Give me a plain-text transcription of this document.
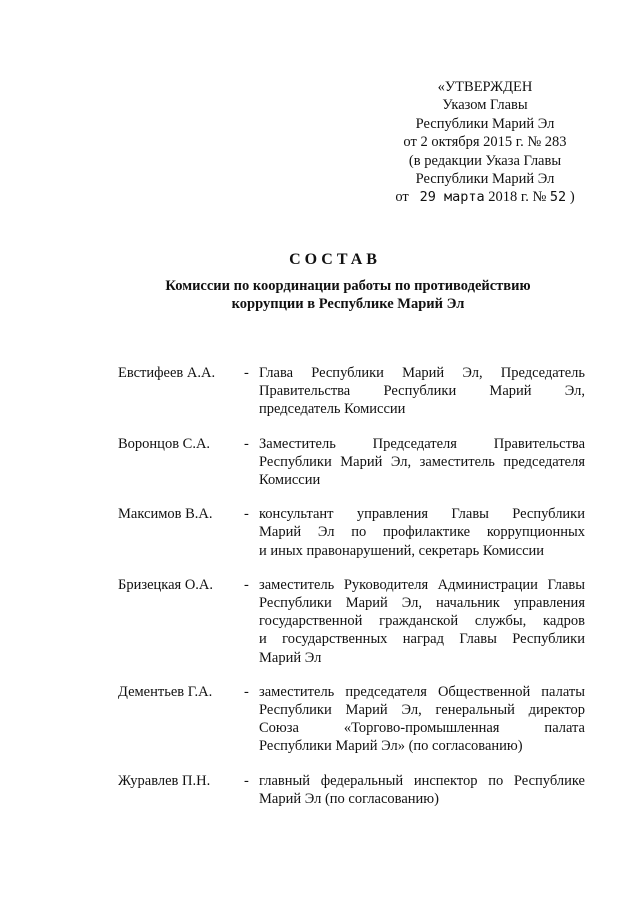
«УТВЕРЖДЕН
Указом Главы
Республики Марий Эл
от 2 октября 2015 г. № 283
(в редакции Указа Главы
Республики Марий Эл
от 29 марта 2018 г. № 52 )
СОСТАВ
Комиссии по координации работы по противодействию
коррупции в Республике Марий Эл
Евстифеев А.А. - Глава Республики Марий Эл, Председатель
Правительства Республики Марий Эл,
председатель Комиссии
Воронцов С.А. - Заместитель Председателя Правительства
Республики Марий Эл, заместитель председателя
Комиссии
Максимов В.А. - консультант управления Главы Республики
Марий Эл по профилактике коррупционных
и иных правонарушений, секретарь Комиссии
Бризецкая О.А. - заместитель Руководителя Администрации Главы
Республики Марий Эл, начальник управления
государственной гражданской службы, кадров
и государственных наград Главы Республики
Марий Эл
Дементьев Г.А. - заместитель председателя Общественной палаты
Республики Марий Эл, генеральный директор
Союза «Торгово-промышленная палата
Республики Марий Эл» (по согласованию)
Журавлев П.Н. - главный федеральный инспектор по Республике
Марий Эл (по согласованию)
